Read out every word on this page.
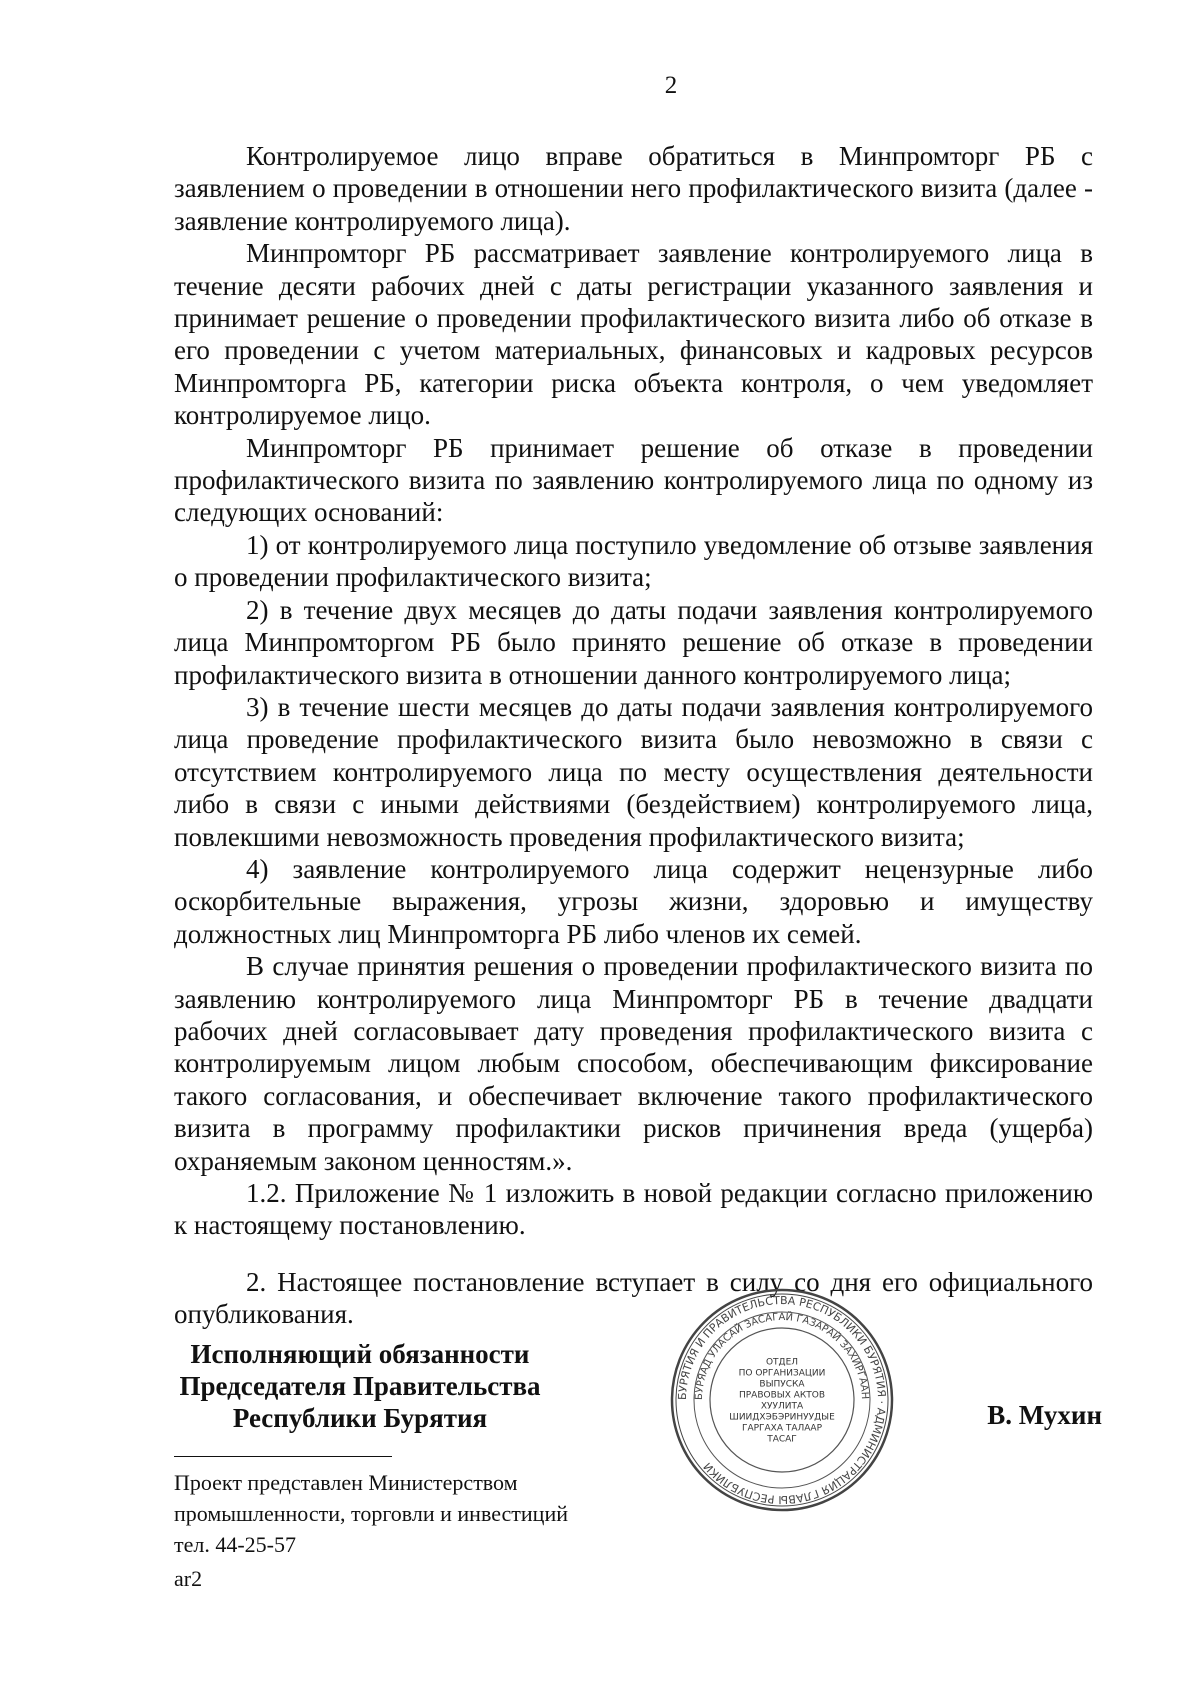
2

Контролируемое лицо вправе обратиться в Минпромторг РБ с заявлением о проведении в отношении него профилактического визита (далее - заявление контролируемого лица).

Минпромторг РБ рассматривает заявление контролируемого лица в течение десяти рабочих дней с даты регистрации указанного заявления и принимает решение о проведении профилактического визита либо об отказе в его проведении с учетом материальных, финансовых и кадровых ресурсов Минпромторга РБ, категории риска объекта контроля, о чем уведомляет контролируемое лицо.

Минпромторг РБ принимает решение об отказе в проведении профилактического визита по заявлению контролируемого лица по одному из следующих оснований:

1) от контролируемого лица поступило уведомление об отзыве заявления о проведении профилактического визита;

2) в течение двух месяцев до даты подачи заявления контролируемого лица Минпромторгом РБ было принято решение об отказе в проведении профилактического визита в отношении данного контролируемого лица;

3) в течение шести месяцев до даты подачи заявления контролируемого лица проведение профилактического визита было невозможно в связи с отсутствием контролируемого лица по месту осуществления деятельности либо в связи с иными действиями (бездействием) контролируемого лица, повлекшими невозможность проведения профилактического визита;

4) заявление контролируемого лица содержит нецензурные либо оскорбительные выражения, угрозы жизни, здоровью и имуществу должностных лиц Минпромторга РБ либо членов их семей.

В случае принятия решения о проведении профилактического визита по заявлению контролируемого лица Минпромторг РБ в течение двадцати рабочих дней согласовывает дату проведения профилактического визита с контролируемым лицом любым способом, обеспечивающим фиксирование такого согласования, и обеспечивает включение такого профилактического визита в программу профилактики рисков причинения вреда (ущерба) охраняемым законом ценностям.».

1.2. Приложение № 1 изложить в новой редакции согласно приложению к настоящему постановлению.

2. Настоящее постановление вступает в силу со дня его официального опубликования.

Исполняющий обязанности
Председателя Правительства
Республики Бурятия
БУРЯТИЯ И ПРАВИТЕЛЬСТВА РЕСПУБЛИКИ БУРЯТИЯ · АДМИНИСТРАЦИЯ ГЛАВЫ РЕСПУБЛИКИ
БУРЯАД УЛАСАЙ ЗАСАГАЙ ГАЗАРАЙ ЗАХИРГААН
ОТДЕЛ
ПО ОРГАНИЗАЦИИ
ВЫПУСКА
ПРАВОВЫХ АКТОВ
ХУУЛИТА
ШИИДХЭБЭРИНУУДЫЕ
ГАРГАХА ТАЛААР
ТАСАГ
В. Мухин
Проект представлен Министерством
промышленности, торговли и инвестиций
тел. 44-25-57
ar2
